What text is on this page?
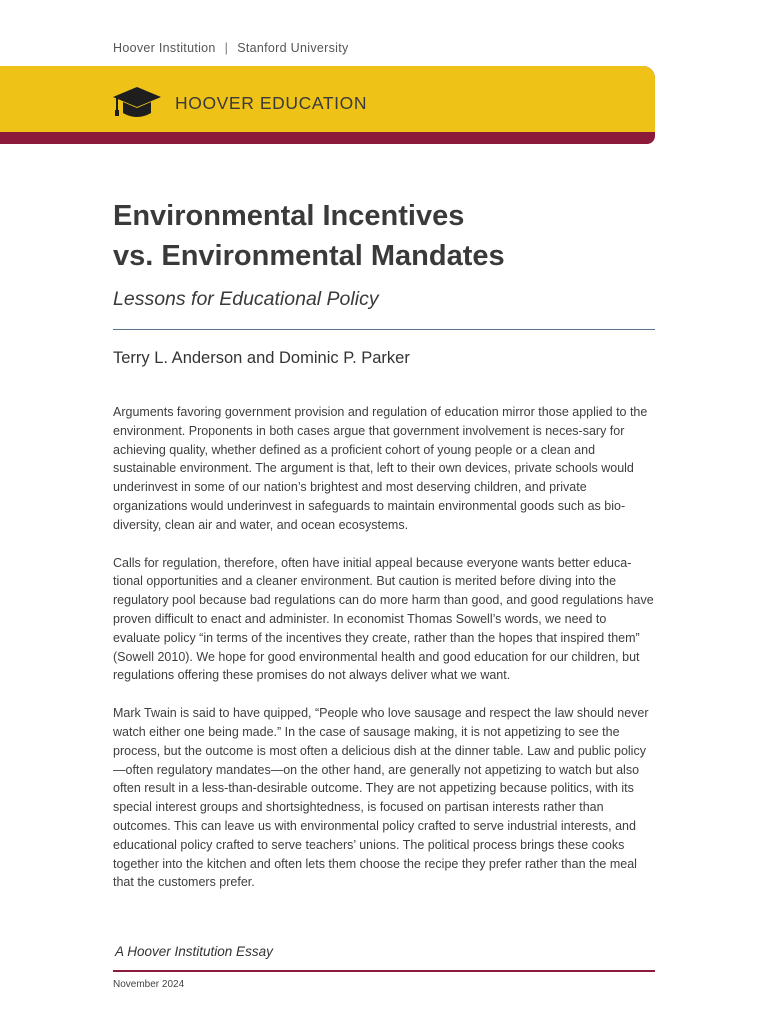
Hoover Institution | Stanford University
HOOVER EDUCATION
Environmental Incentives
vs. Environmental Mandates
Lessons for Educational Policy
Terry L. Anderson and Dominic P. Parker

Arguments favoring government provision and regulation of education mirror those applied to the environment. Proponents in both cases argue that government involvement is neces-sary for achieving quality, whether defined as a proficient cohort of young people or a clean and sustainable environment. The argument is that, left to their own devices, private schools would underinvest in some of our nation’s brightest and most deserving children, and private organizations would underinvest in safeguards to maintain environmental goods such as bio-diversity, clean air and water, and ocean ecosystems.

Calls for regulation, therefore, often have initial appeal because everyone wants better educa-tional opportunities and a cleaner environment. But caution is merited before diving into the regulatory pool because bad regulations can do more harm than good, and good regulations have proven difficult to enact and administer. In economist Thomas Sowell’s words, we need to evaluate policy “in terms of the incentives they create, rather than the hopes that inspired them” (Sowell 2010). We hope for good environmental health and good education for our children, but regulations offering these promises do not always deliver what we want.

Mark Twain is said to have quipped, “People who love sausage and respect the law should never watch either one being made.” In the case of sausage making, it is not appetizing to see the process, but the outcome is most often a delicious dish at the dinner table. Law and public policy—often regulatory mandates—on the other hand, are generally not appetizing to watch but also often result in a less-than-desirable outcome. They are not appetizing because politics, with its special interest groups and shortsightedness, is focused on partisan interests rather than outcomes. This can leave us with environmental policy crafted to serve industrial interests, and educational policy crafted to serve teachers’ unions. The political process brings these cooks together into the kitchen and often lets them choose the recipe they prefer rather than the meal that the customers prefer.

A Hoover Institution Essay
November 2024
